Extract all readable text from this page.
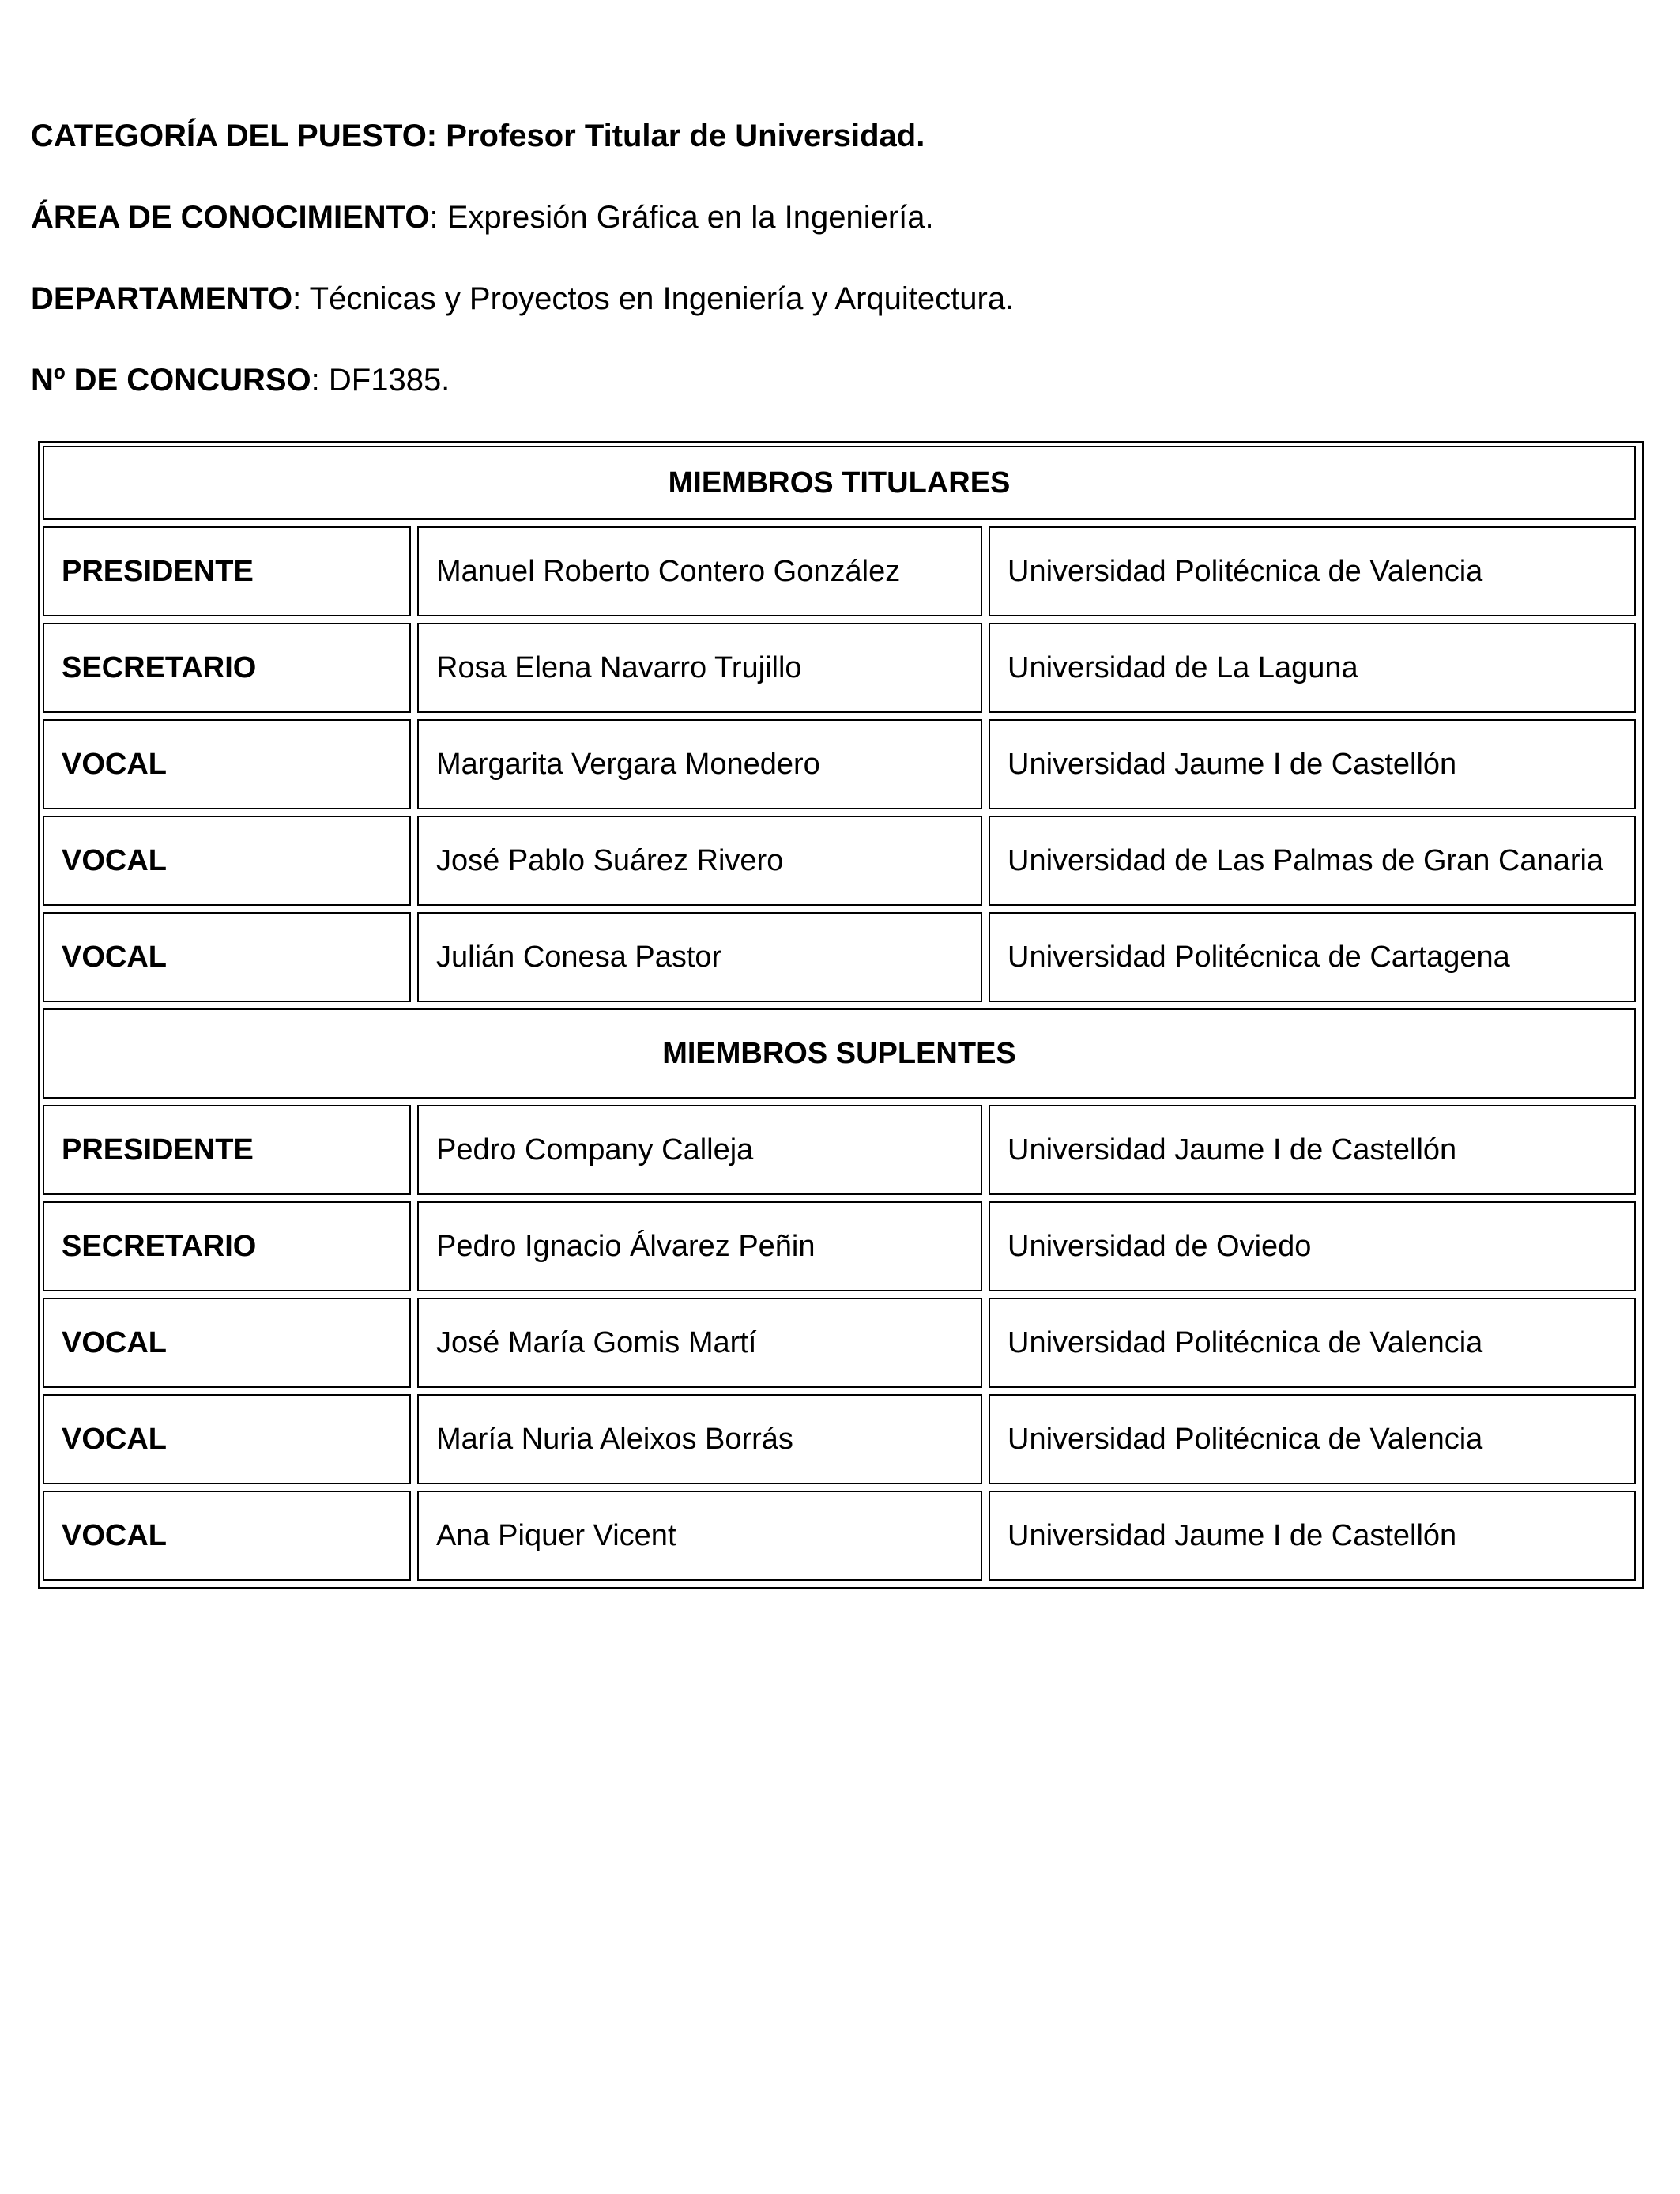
CATEGORÍA DEL PUESTO: Profesor Titular de Universidad.
ÁREA DE CONOCIMIENTO: Expresión Gráfica en la Ingeniería.
DEPARTAMENTO: Técnicas y Proyectos en Ingeniería y Arquitectura.
Nº DE CONCURSO: DF1385.
MIEMBROS TITULARES		
PRESIDENTE	Manuel Roberto Contero González	Universidad Politécnica de Valencia
SECRETARIO	Rosa Elena Navarro Trujillo	Universidad de La Laguna
VOCAL	Margarita Vergara Monedero	Universidad Jaume I de Castellón
VOCAL	José Pablo Suárez Rivero	Universidad de Las Palmas de Gran Canaria
VOCAL	Julián Conesa Pastor	Universidad Politécnica de Cartagena
MIEMBROS SUPLENTES		
PRESIDENTE	Pedro Company Calleja	Universidad Jaume I de Castellón
SECRETARIO	Pedro Ignacio Álvarez Peñin	Universidad de Oviedo
VOCAL	José María Gomis Martí	Universidad Politécnica de Valencia
VOCAL	María Nuria Aleixos Borrás	Universidad Politécnica de Valencia
VOCAL	Ana Piquer Vicent	Universidad Jaume I de Castellón
